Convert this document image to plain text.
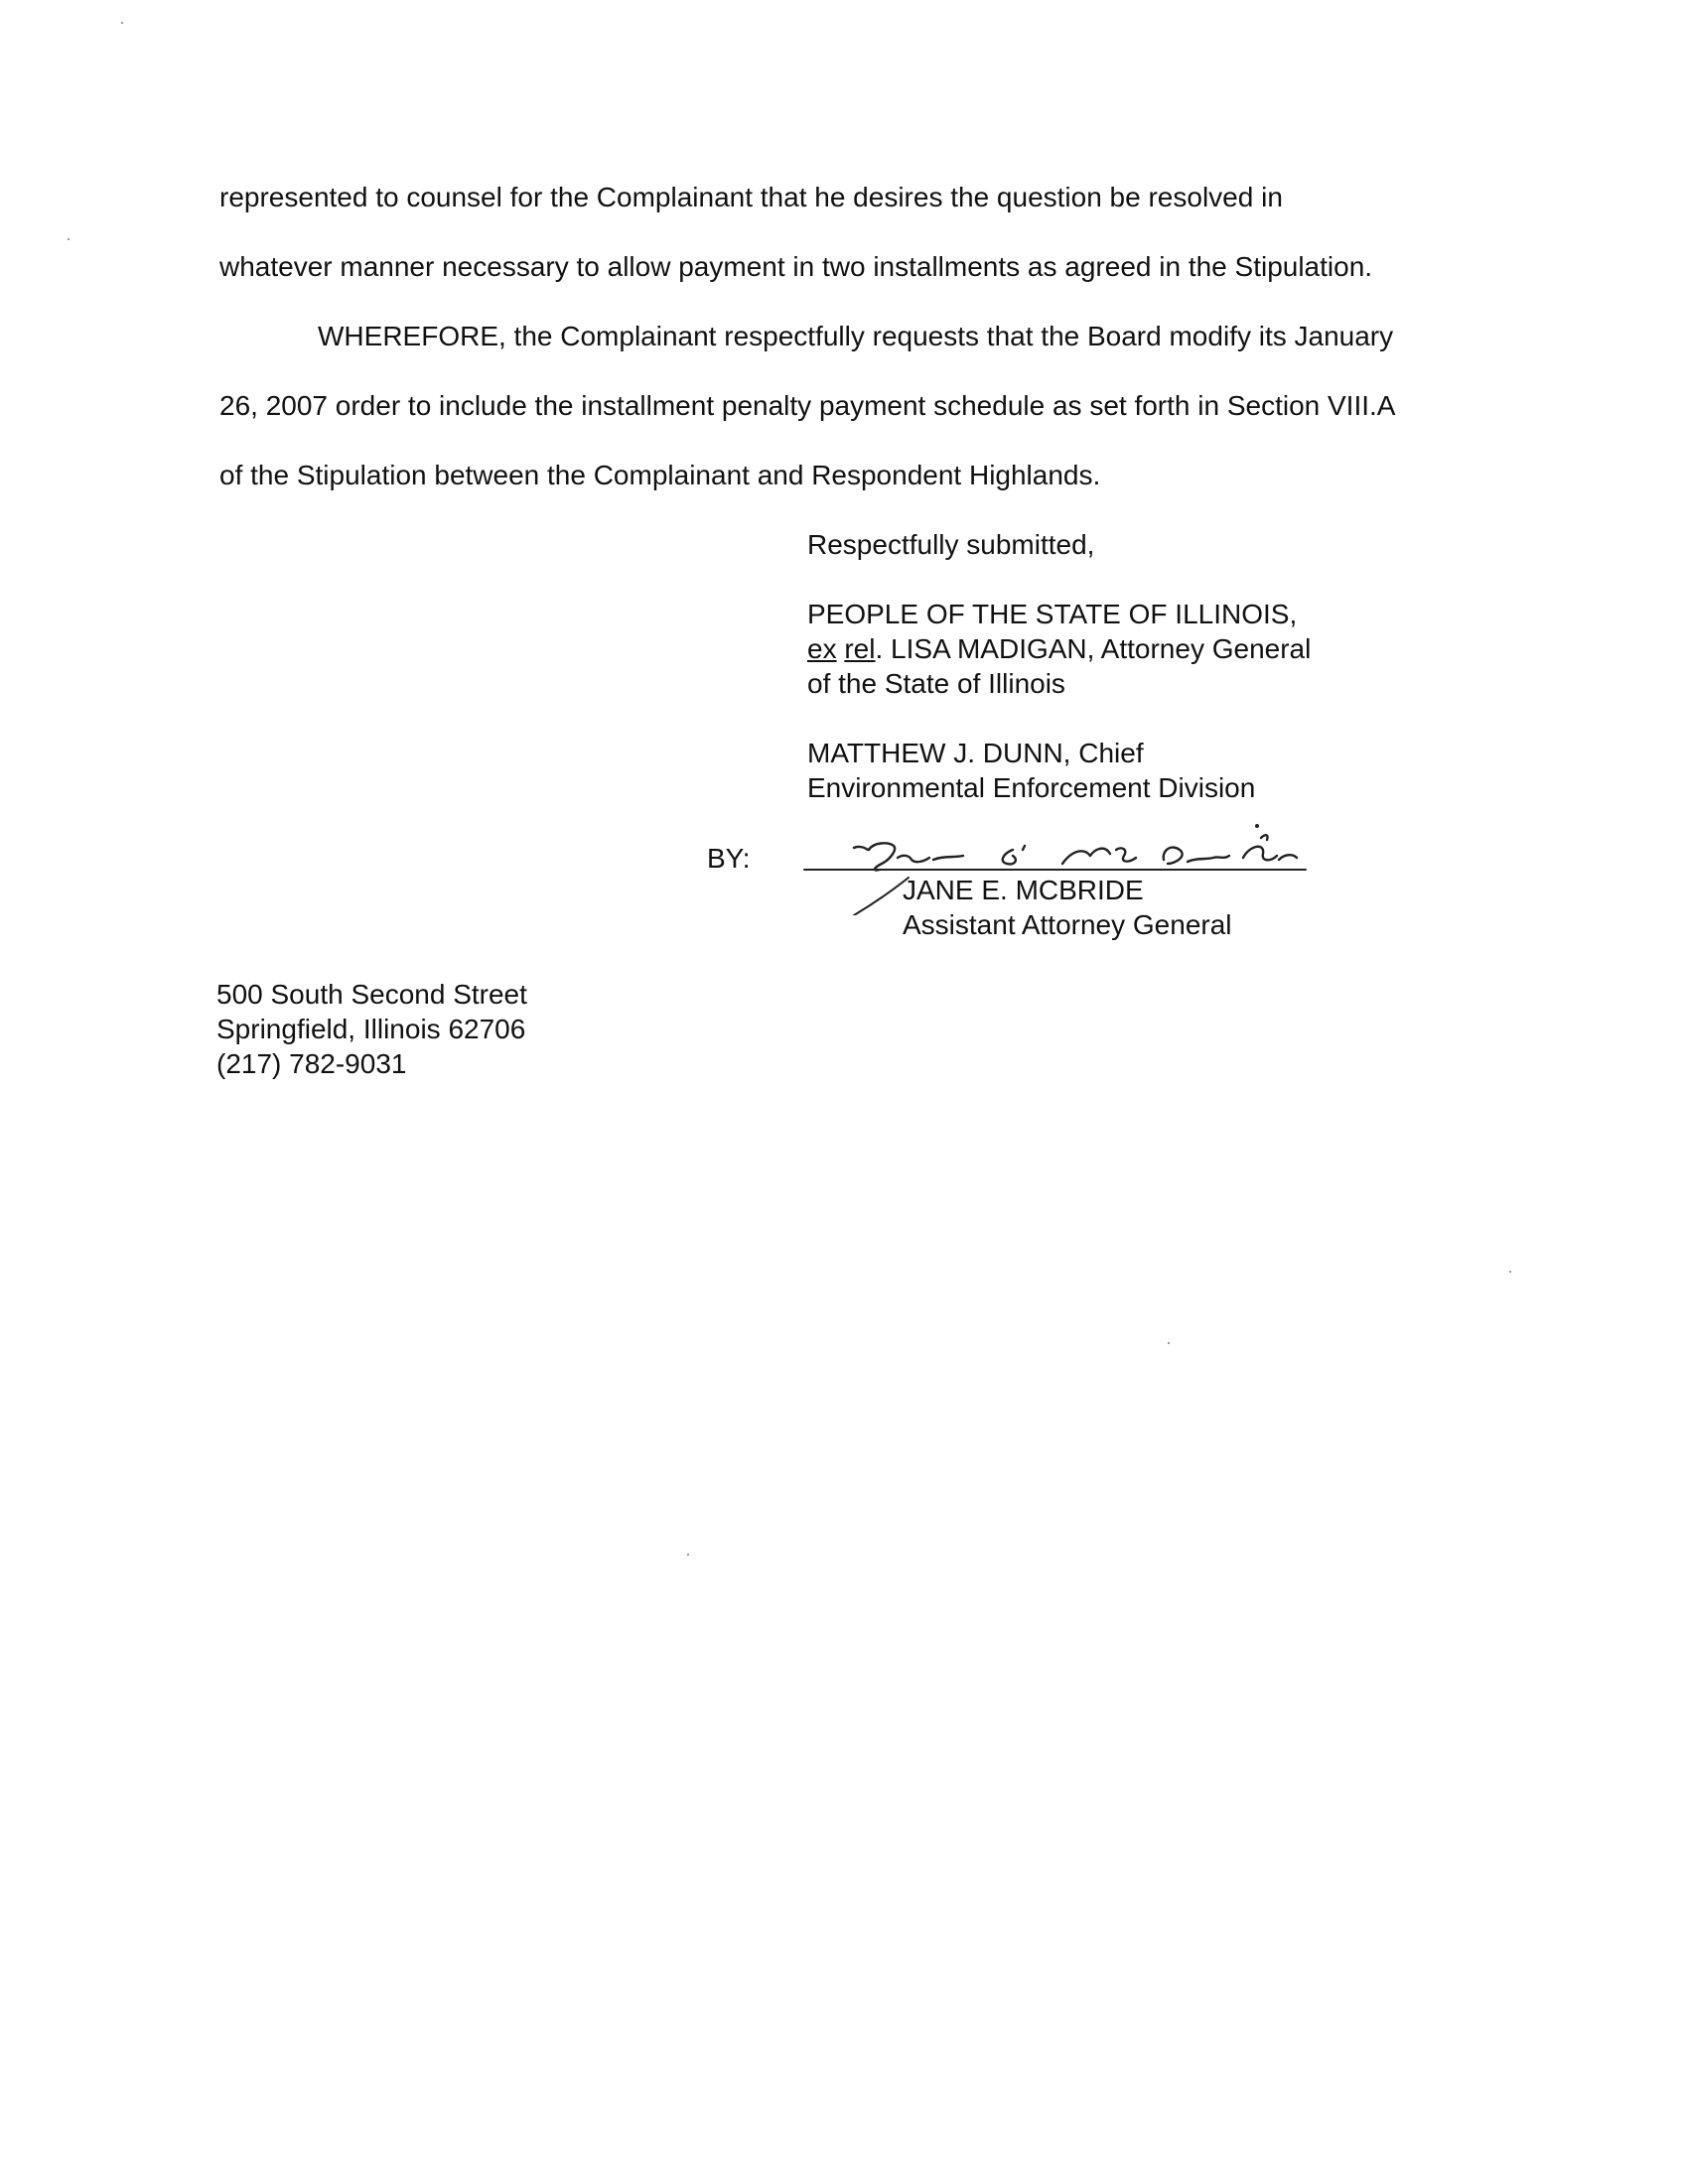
represented to counsel for the Complainant that he desires the question be resolved in
whatever manner necessary to allow payment in two installments as agreed in the Stipulation.
WHEREFORE, the Complainant respectfully requests that the Board modify its January
26, 2007 order to include the installment penalty payment schedule as set forth in Section VIII.A
of the Stipulation between the Complainant and Respondent Highlands.
Respectfully submitted,
PEOPLE OF THE STATE OF ILLINOIS,
ex rel. LISA MADIGAN, Attorney General
of the State of Illinois
MATTHEW J. DUNN, Chief
Environmental Enforcement Division
BY:
JANE E. MCBRIDE
Assistant Attorney General
500 South Second Street
Springfield, Illinois 62706
(217) 782-9031
